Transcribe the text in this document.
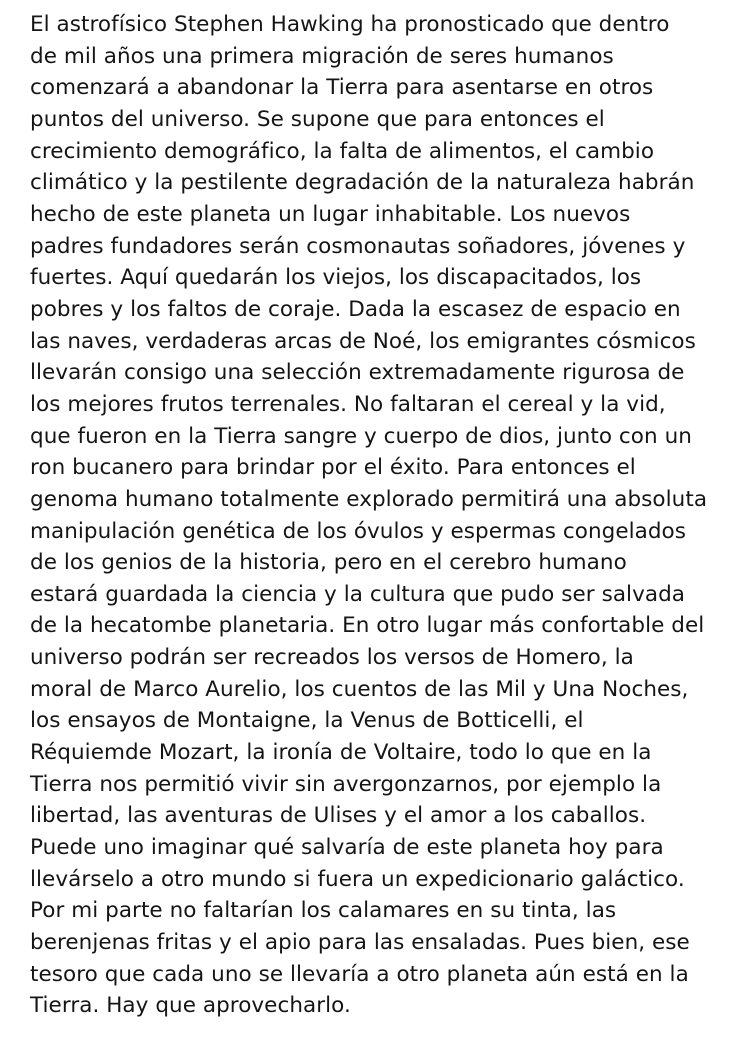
El astrofísico Stephen Hawking ha pronosticado que dentro
de mil años una primera migración de seres humanos
comenzará a abandonar la Tierra para asentarse en otros
puntos del universo. Se supone que para entonces el
crecimiento demográfico, la falta de alimentos, el cambio
climático y la pestilente degradación de la naturaleza habrán
hecho de este planeta un lugar inhabitable. Los nuevos
padres fundadores serán cosmonautas soñadores, jóvenes y
fuertes. Aquí quedarán los viejos, los discapacitados, los
pobres y los faltos de coraje. Dada la escasez de espacio en
las naves, verdaderas arcas de Noé, los emigrantes cósmicos
llevarán consigo una selección extremadamente rigurosa de
los mejores frutos terrenales. No faltaran el cereal y la vid,
que fueron en la Tierra sangre y cuerpo de dios, junto con un
ron bucanero para brindar por el éxito. Para entonces el
genoma humano totalmente explorado permitirá una absoluta
manipulación genética de los óvulos y espermas congelados
de los genios de la historia, pero en el cerebro humano
estará guardada la ciencia y la cultura que pudo ser salvada
de la hecatombe planetaria. En otro lugar más confortable del
universo podrán ser recreados los versos de Homero, la
moral de Marco Aurelio, los cuentos de las Mil y Una Noches,
los ensayos de Montaigne, la Venus de Botticelli, el
Réquiemde Mozart, la ironía de Voltaire, todo lo que en la
Tierra nos permitió vivir sin avergonzarnos, por ejemplo la
libertad, las aventuras de Ulises y el amor a los caballos.
Puede uno imaginar qué salvaría de este planeta hoy para
llevárselo a otro mundo si fuera un expedicionario galáctico.
Por mi parte no faltarían los calamares en su tinta, las
berenjenas fritas y el apio para las ensaladas. Pues bien, ese
tesoro que cada uno se llevaría a otro planeta aún está en la
Tierra. Hay que aprovecharlo.
